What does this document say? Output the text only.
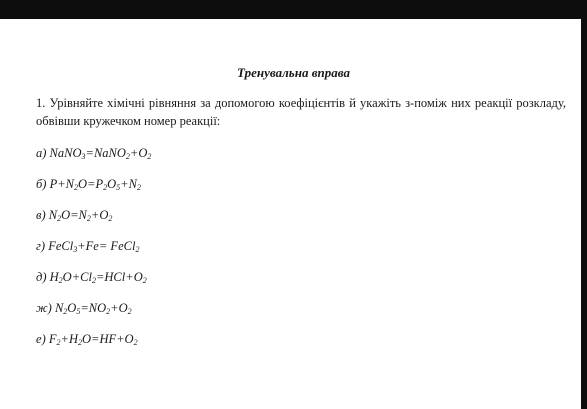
Тренувальна вправа
1. Урівняйте хімічні рівняння за допомогою коефіцієнтів й укажіть з-поміж них реакції розкладу, обвівши кружечком номер реакції:
а) $NaNO_3=NaNO_2+O_2$
б) $P+N_2O=P_2O_5+N_2$
в) $N_2O=N_2+O_2$
г) FeCl$_3$+Fe= FeCl$_2$
д) $H_2O+Cl_2=HCl+O_2$
ж) $N_2O_5=NO_2+O_2$
е) $F_2+H_2O=HF+O_2$
